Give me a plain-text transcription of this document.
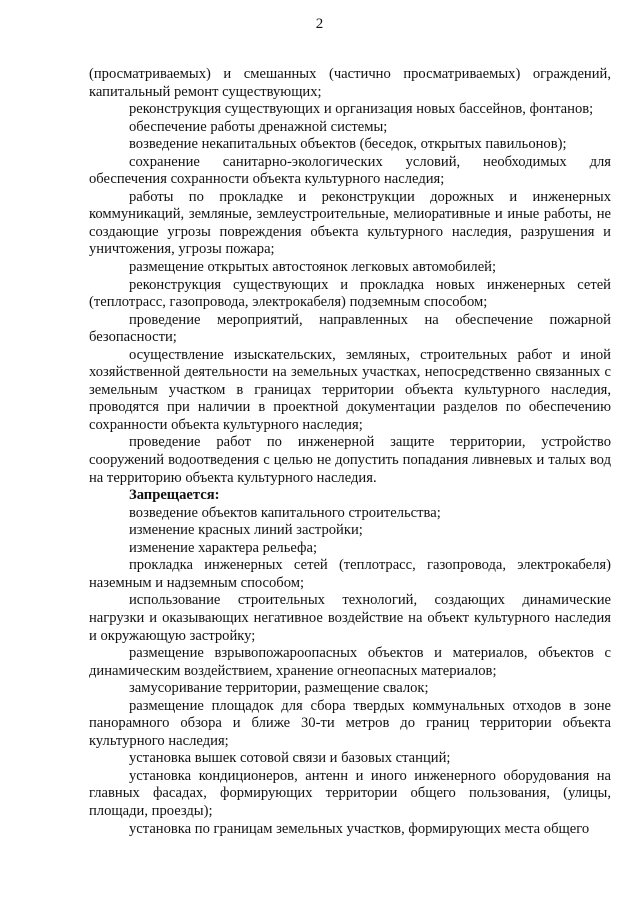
2

(просматриваемых) и смешанных (частично просматриваемых) ограждений, капитальный ремонт существующих;

реконструкция существующих и организация новых бассейнов, фонтанов;

обеспечение работы дренажной системы;

возведение некапитальных объектов (беседок, открытых павильонов);

сохранение санитарно-экологических условий, необходимых для обеспечения сохранности объекта культурного наследия;

работы по прокладке и реконструкции дорожных и инженерных коммуникаций, земляные, землеустроительные, мелиоративные и иные работы, не создающие угрозы повреждения объекта культурного наследия, разрушения и уничтожения, угрозы пожара;

размещение открытых автостоянок легковых автомобилей;

реконструкция существующих и прокладка новых инженерных сетей (теплотрасс, газопровода, электрокабеля) подземным способом;

проведение мероприятий, направленных на обеспечение пожарной безопасности;

осуществление изыскательских, земляных, строительных работ и иной хозяйственной деятельности на земельных участках, непосредственно связанных с земельным участком в границах территории объекта культурного наследия, проводятся при наличии в проектной документации разделов по обеспечению сохранности объекта культурного наследия;

проведение работ по инженерной защите территории, устройство сооружений водоотведения с целью не допустить попадания ливневых и талых вод на территорию объекта культурного наследия.

Запрещается:

возведение объектов капитального строительства;

изменение красных линий застройки;

изменение характера рельефа;

прокладка инженерных сетей (теплотрасс, газопровода, электрокабеля) наземным и надземным способом;

использование строительных технологий, создающих динамические нагрузки и оказывающих негативное воздействие на объект культурного наследия и окружающую застройку;

размещение взрывопожароопасных объектов и материалов, объектов с динамическим воздействием, хранение огнеопасных материалов;

замусоривание территории, размещение свалок;

размещение площадок для сбора твердых коммунальных отходов в зоне панорамного обзора и ближе 30-ти метров до границ территории объекта культурного наследия;

установка вышек сотовой связи и базовых станций;

установка кондиционеров, антенн и иного инженерного оборудования на главных фасадах, формирующих территории общего пользования, (улицы, площади, проезды);

установка по границам земельных участков, формирующих места общего
